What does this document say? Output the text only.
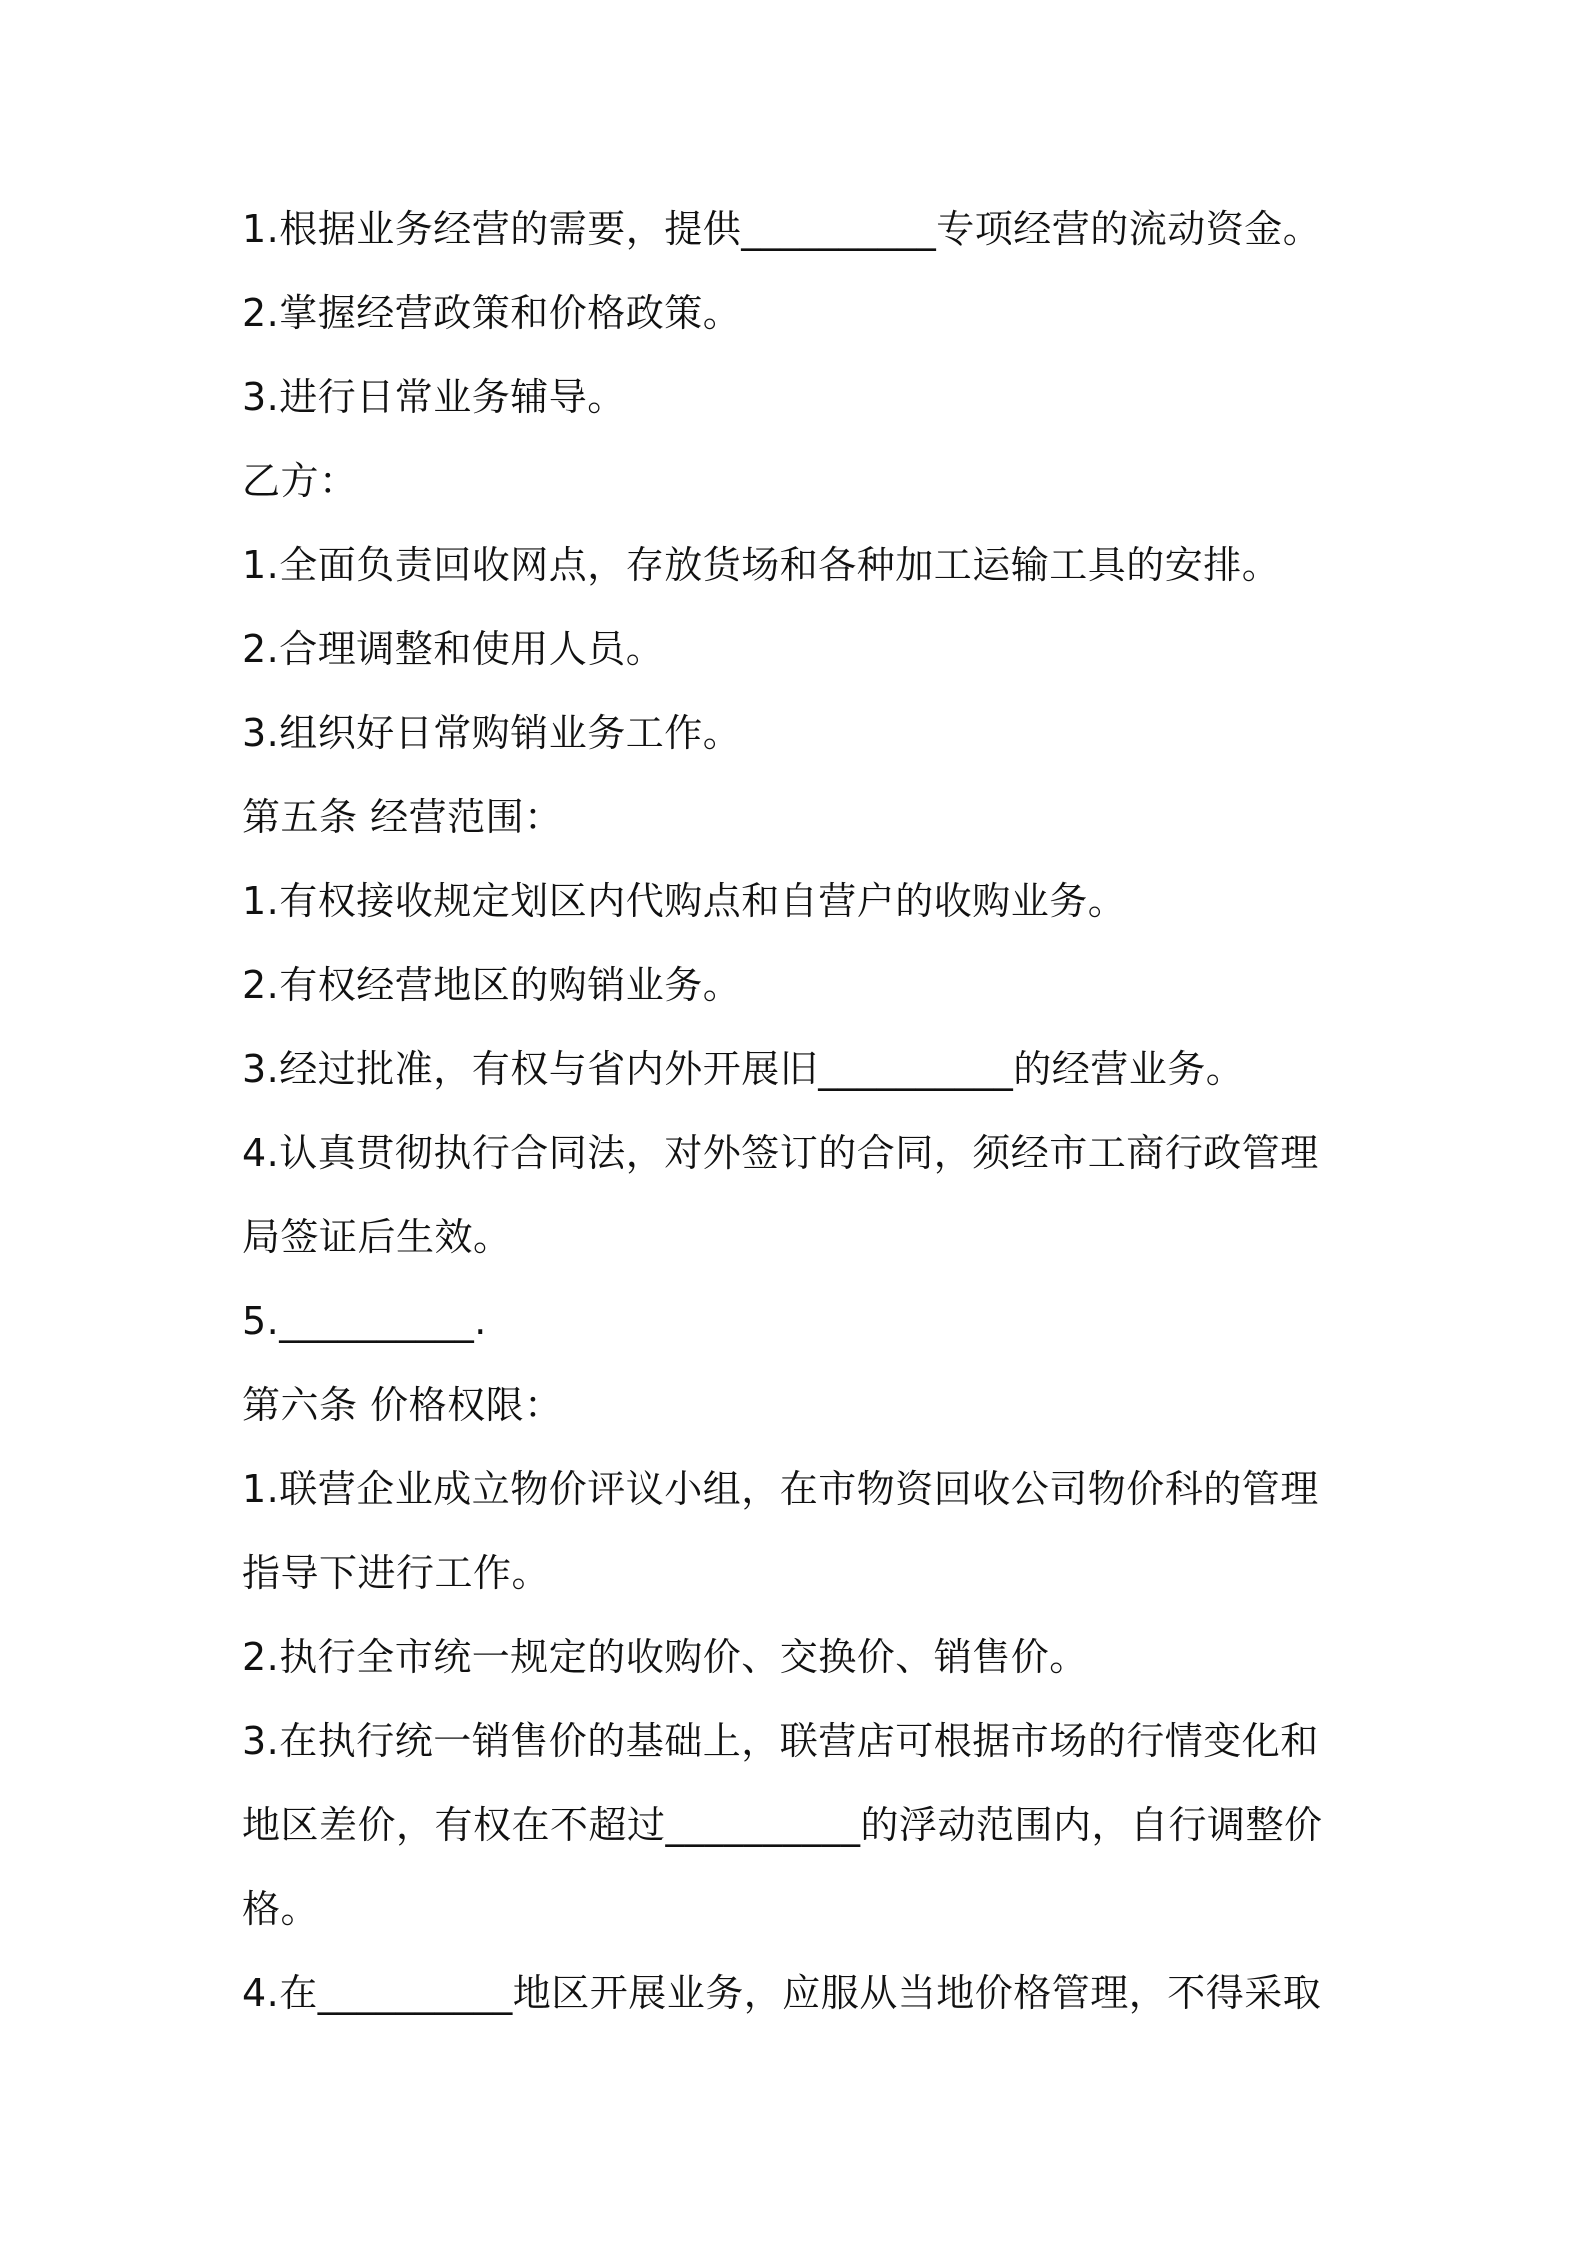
1.根据业务经营的需要，提供__________专项经营的流动资金。

2.掌握经营政策和价格政策。

3.进行日常业务辅导。

乙方：

1.全面负责回收网点，存放货场和各种加工运输工具的安排。

2.合理调整和使用人员。

3.组织好日常购销业务工作。

第五条 经营范围：

1.有权接收规定划区内代购点和自营户的收购业务。

2.有权经营地区的购销业务。

3.经过批准，有权与省内外开展旧__________的经营业务。

4.认真贯彻执行合同法，对外签订的合同，须经市工商行政管理

局签证后生效。

5.__________.

第六条 价格权限：

1.联营企业成立物价评议小组，在市物资回收公司物价科的管理

指导下进行工作。

2.执行全市统一规定的收购价、交换价、销售价。

3.在执行统一销售价的基础上，联营店可根据市场的行情变化和

地区差价，有权在不超过__________的浮动范围内，自行调整价

格。

4.在__________地区开展业务，应服从当地价格管理，不得采取
